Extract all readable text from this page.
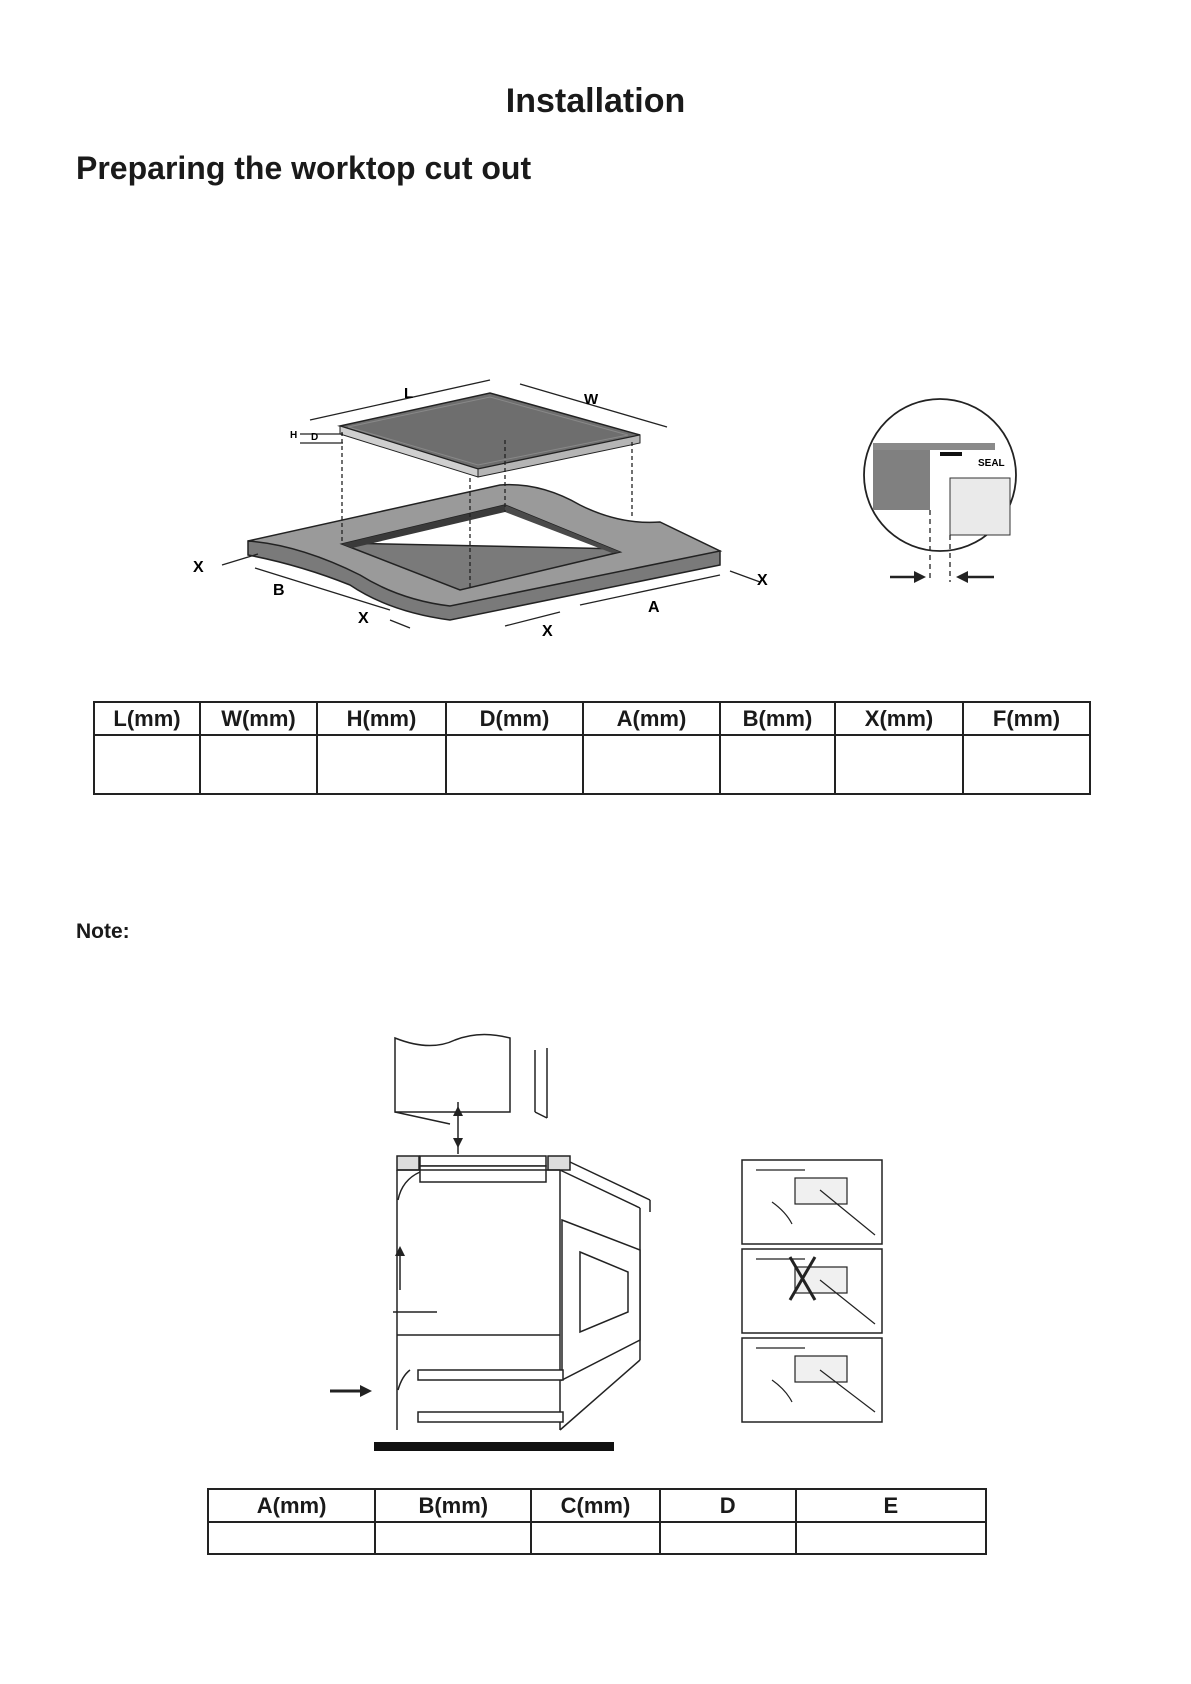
Installation
Preparing the worktop cut out
L	W
H D
X
B
X
X
A
X
SEAL
L(mm)	W(mm)	H(mm)	D(mm)	A(mm)	B(mm)	X(mm)	F(mm)

Note:
A(mm)	B(mm)	C(mm)	D	E
